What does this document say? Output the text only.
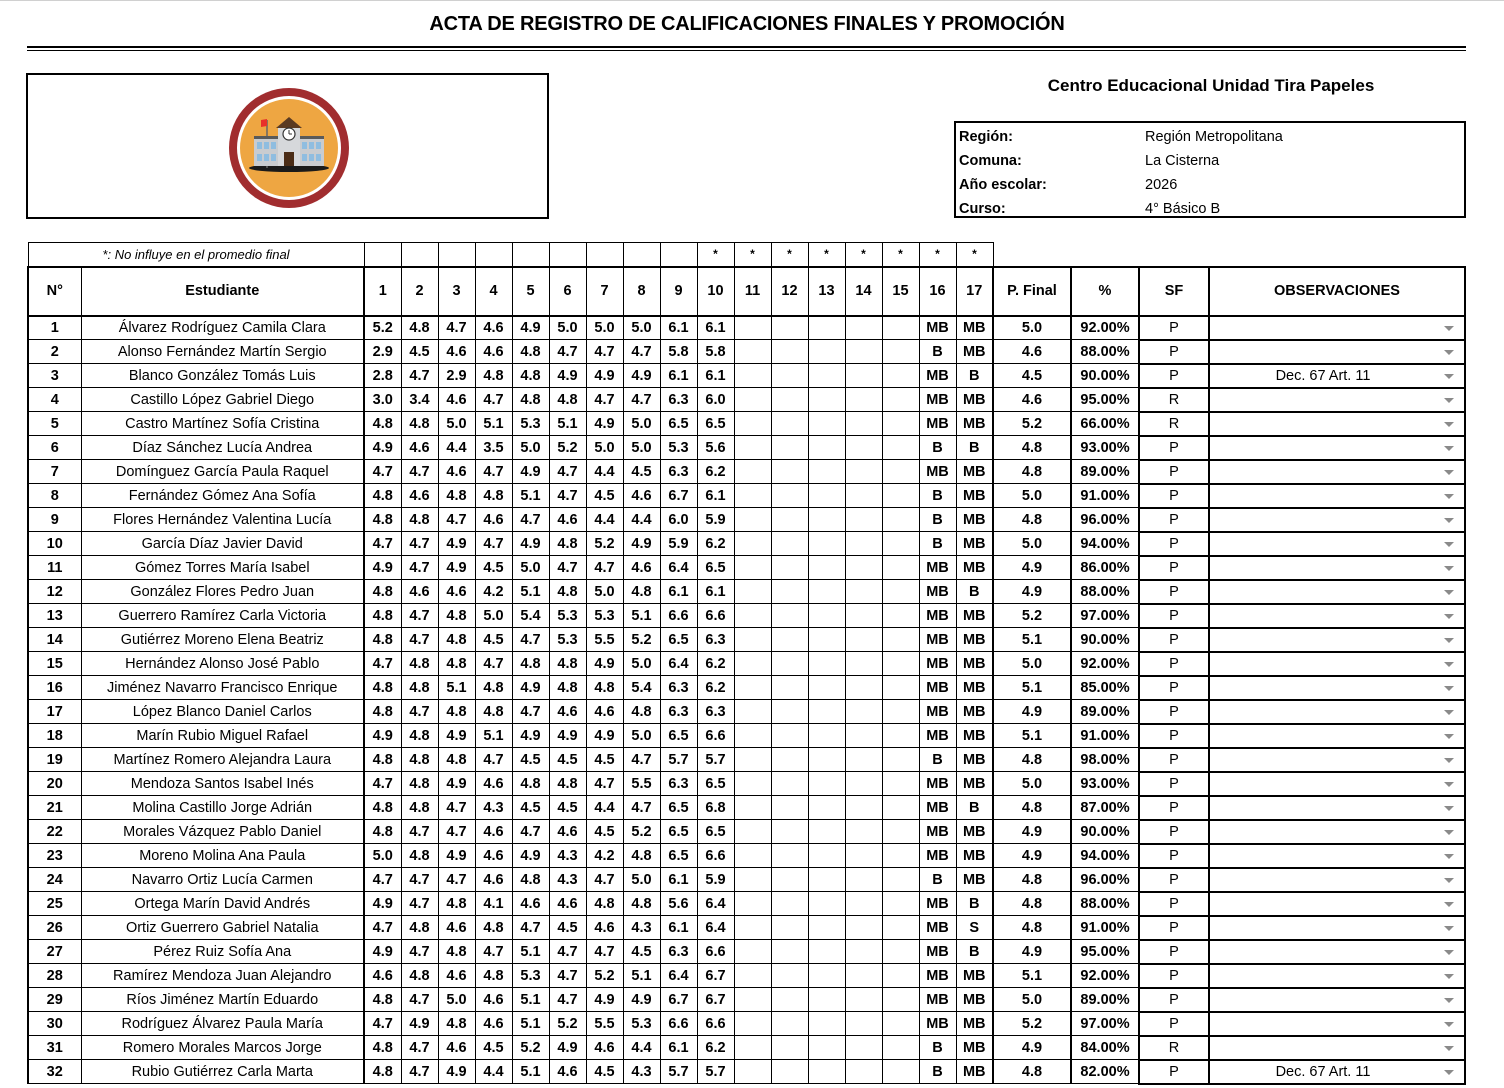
ACTA DE REGISTRO DE CALIFICACIONES FINALES Y PROMOCIÓN
Centro Educacional Unidad Tira Papeles
Región:	Región Metropolitana
Comuna:	La Cisterna
Año escolar:	2026
Curso:	4° Básico B
*: No influye en el promedio final											*	*	*	*	*	*	*	*				
N°	Estudiante	1	2	3	4	5	6	7	8	9	10	11	12	13	14	15	16	17	P. Final	%	SF	OBSERVACIONES
1	Álvarez Rodríguez Camila Clara	5.2	4.8	4.7	4.6	4.9	5.0	5.0	5.0	6.1	6.1						MB	MB	5.0	92.00%	P	

2	Alonso Fernández Martín Sergio	2.9	4.5	4.6	4.6	4.8	4.7	4.7	4.7	5.8	5.8						B	MB	4.6	88.00%	P	

3	Blanco González Tomás Luis	2.8	4.7	2.9	4.8	4.8	4.9	4.9	4.9	6.1	6.1						MB	B	4.5	90.00%	P	Dec. 67 Art. 11

4	Castillo López Gabriel Diego	3.0	3.4	4.6	4.7	4.8	4.8	4.7	4.7	6.3	6.0						MB	MB	4.6	95.00%	R	

5	Castro Martínez Sofía Cristina	4.8	4.8	5.0	5.1	5.3	5.1	4.9	5.0	6.5	6.5						MB	MB	5.2	66.00%	R	

6	Díaz Sánchez Lucía Andrea	4.9	4.6	4.4	3.5	5.0	5.2	5.0	5.0	5.3	5.6						B	B	4.8	93.00%	P	

7	Domínguez García Paula Raquel	4.7	4.7	4.6	4.7	4.9	4.7	4.4	4.5	6.3	6.2						MB	MB	4.8	89.00%	P	

8	Fernández Gómez Ana Sofía	4.8	4.6	4.8	4.8	5.1	4.7	4.5	4.6	6.7	6.1						B	MB	5.0	91.00%	P	

9	Flores Hernández Valentina Lucía	4.8	4.8	4.7	4.6	4.7	4.6	4.4	4.4	6.0	5.9						B	MB	4.8	96.00%	P	

10	García Díaz Javier David	4.7	4.7	4.9	4.7	4.9	4.8	5.2	4.9	5.9	6.2						B	MB	5.0	94.00%	P	

11	Gómez Torres María Isabel	4.9	4.7	4.9	4.5	5.0	4.7	4.7	4.6	6.4	6.5						MB	MB	4.9	86.00%	P	

12	González Flores Pedro Juan	4.8	4.6	4.6	4.2	5.1	4.8	5.0	4.8	6.1	6.1						MB	B	4.9	88.00%	P	

13	Guerrero Ramírez Carla Victoria	4.8	4.7	4.8	5.0	5.4	5.3	5.3	5.1	6.6	6.6						MB	MB	5.2	97.00%	P	

14	Gutiérrez Moreno Elena Beatriz	4.8	4.7	4.8	4.5	4.7	5.3	5.5	5.2	6.5	6.3						MB	MB	5.1	90.00%	P	

15	Hernández Alonso José Pablo	4.7	4.8	4.8	4.7	4.8	4.8	4.9	5.0	6.4	6.2						MB	MB	5.0	92.00%	P	

16	Jiménez Navarro Francisco Enrique	4.8	4.8	5.1	4.8	4.9	4.8	4.8	5.4	6.3	6.2						MB	MB	5.1	85.00%	P	

17	López Blanco Daniel Carlos	4.8	4.7	4.8	4.8	4.7	4.6	4.6	4.8	6.3	6.3						MB	MB	4.9	89.00%	P	

18	Marín Rubio Miguel Rafael	4.9	4.8	4.9	5.1	4.9	4.9	4.9	5.0	6.5	6.6						MB	MB	5.1	91.00%	P	

19	Martínez Romero Alejandra Laura	4.8	4.8	4.8	4.7	4.5	4.5	4.5	4.7	5.7	5.7						B	MB	4.8	98.00%	P	

20	Mendoza Santos Isabel Inés	4.7	4.8	4.9	4.6	4.8	4.8	4.7	5.5	6.3	6.5						MB	MB	5.0	93.00%	P	

21	Molina Castillo Jorge Adrián	4.8	4.8	4.7	4.3	4.5	4.5	4.4	4.7	6.5	6.8						MB	B	4.8	87.00%	P	

22	Morales Vázquez Pablo Daniel	4.8	4.7	4.7	4.6	4.7	4.6	4.5	5.2	6.5	6.5						MB	MB	4.9	90.00%	P	

23	Moreno Molina Ana Paula	5.0	4.8	4.9	4.6	4.9	4.3	4.2	4.8	6.5	6.6						MB	MB	4.9	94.00%	P	

24	Navarro Ortiz Lucía Carmen	4.7	4.7	4.7	4.6	4.8	4.3	4.7	5.0	6.1	5.9						B	MB	4.8	96.00%	P	

25	Ortega Marín David Andrés	4.9	4.7	4.8	4.1	4.6	4.6	4.8	4.8	5.6	6.4						MB	B	4.8	88.00%	P	

26	Ortiz Guerrero Gabriel Natalia	4.7	4.8	4.6	4.8	4.7	4.5	4.6	4.3	6.1	6.4						MB	S	4.8	91.00%	P	

27	Pérez Ruiz Sofía Ana	4.9	4.7	4.8	4.7	5.1	4.7	4.7	4.5	6.3	6.6						MB	B	4.9	95.00%	P	

28	Ramírez Mendoza Juan Alejandro	4.6	4.8	4.6	4.8	5.3	4.7	5.2	5.1	6.4	6.7						MB	MB	5.1	92.00%	P	

29	Ríos Jiménez Martín Eduardo	4.8	4.7	5.0	4.6	5.1	4.7	4.9	4.9	6.7	6.7						MB	MB	5.0	89.00%	P	

30	Rodríguez Álvarez Paula María	4.7	4.9	4.8	4.6	5.1	5.2	5.5	5.3	6.6	6.6						MB	MB	5.2	97.00%	P	

31	Romero Morales Marcos Jorge	4.8	4.7	4.6	4.5	5.2	4.9	4.6	4.4	6.1	6.2						B	MB	4.9	84.00%	R	

32	Rubio Gutiérrez Carla Marta	4.8	4.7	4.9	4.4	5.1	4.6	4.5	4.3	5.7	5.7						B	MB	4.8	82.00%	P	Dec. 67 Art. 11
